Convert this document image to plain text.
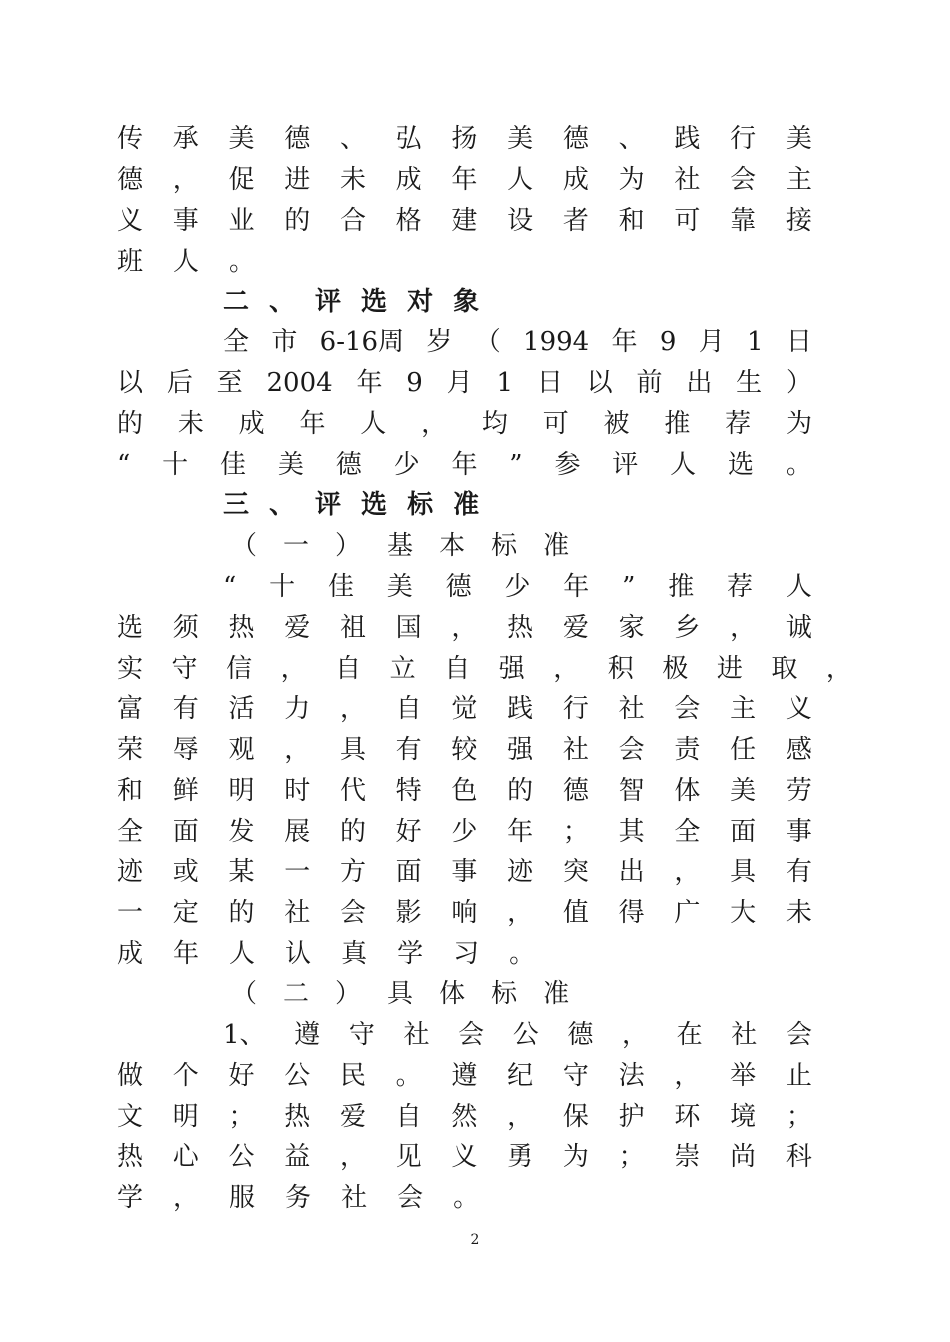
传 承 美 德 、 弘 扬 美 德 、 践 行 美
德 ， 促 进 未 成 年 人 成 为 社 会 主
义 事 业 的 合 格 建 设 者 和 可 靠 接
班 人 。
二 、 评 选 对 象
全 市 6-16周 岁 （ 1994 年 9 月 1 日
以 后 至 2004 年 9 月 1 日 以 前 出 生 ）
的 未 成 年 人 ， 均 可 被 推 荐 为
“ 十 佳 美 德 少 年 ” 参 评 人 选 。
三 、 评 选 标 准
（ 一 ） 基 本 标 准
“ 十 佳 美 德 少 年 ” 推 荐 人
选 须 热 爱 祖 国 ， 热 爱 家 乡 ， 诚
实 守 信 ， 自 立 自 强 ， 积 极 进 取 ，
富 有 活 力 ， 自 觉 践 行 社 会 主 义
荣 辱 观 ， 具 有 较 强 社 会 责 任 感
和 鲜 明 时 代 特 色 的 德 智 体 美 劳
全 面 发 展 的 好 少 年 ； 其 全 面 事
迹 或 某 一 方 面 事 迹 突 出 ， 具 有
一 定 的 社 会 影 响 ， 值 得 广 大 未
成 年 人 认 真 学 习 。
（ 二 ） 具 体 标 准
1、 遵 守 社 会 公 德 ， 在 社 会
做 个 好 公 民 。 遵 纪 守 法 ， 举 止
文 明 ； 热 爱 自 然 ， 保 护 环 境 ；
热 心 公 益 ， 见 义 勇 为 ； 崇 尚 科
学 ， 服 务 社 会 。
2
